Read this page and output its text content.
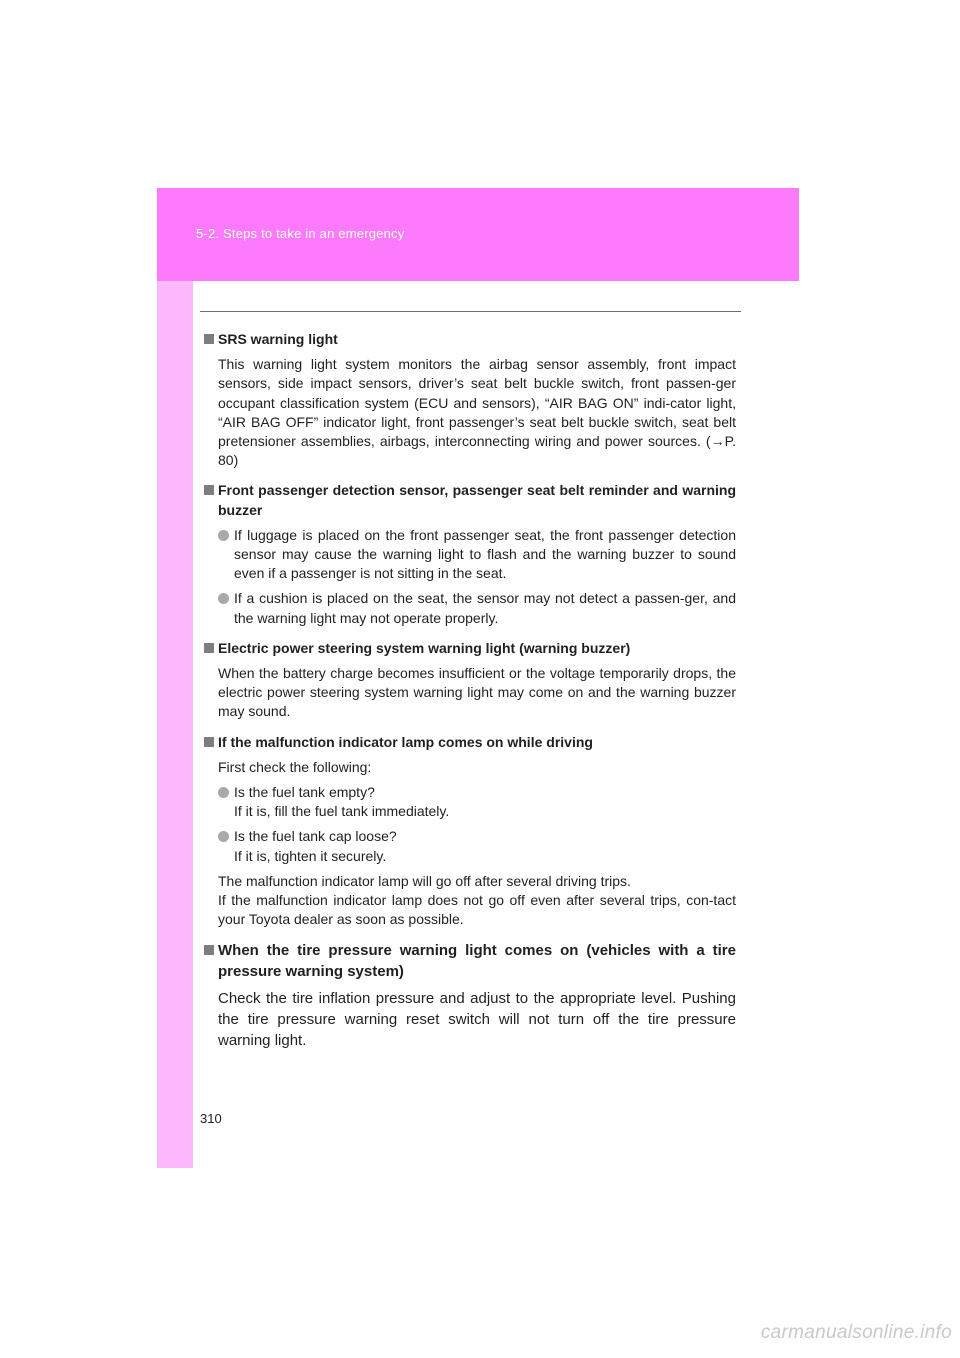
5-2. Steps to take in an emergency

SRS warning light

This warning light system monitors the airbag sensor assembly, front impact sensors, side impact sensors, driver’s seat belt buckle switch, front passen-ger occupant classification system (ECU and sensors), “AIR BAG ON” indi-cator light, “AIR BAG OFF” indicator light, front passenger’s seat belt buckle switch, seat belt pretensioner assemblies, airbags, interconnecting wiring and power sources. (→P. 80)

Front passenger detection sensor, passenger seat belt reminder and warning buzzer

If luggage is placed on the front passenger seat, the front passenger detection sensor may cause the warning light to flash and the warning buzzer to sound even if a passenger is not sitting in the seat.
If a cushion is placed on the seat, the sensor may not detect a passen-ger, and the warning light may not operate properly.

Electric power steering system warning light (warning buzzer)

When the battery charge becomes insufficient or the voltage temporarily drops, the electric power steering system warning light may come on and the warning buzzer may sound.

If the malfunction indicator lamp comes on while driving

First check the following:

Is the fuel tank empty?
If it is, fill the fuel tank immediately.
Is the fuel tank cap loose?
If it is, tighten it securely.
The malfunction indicator lamp will go off after several driving trips.
If the malfunction indicator lamp does not go off even after several trips, con-tact your Toyota dealer as soon as possible.

When the tire pressure warning light comes on (vehicles with a tire pressure warning system)

Check the tire inflation pressure and adjust to the appropriate level. Pushing the tire pressure warning reset switch will not turn off the tire pressure warning light.

310
carmanualsonline.info
